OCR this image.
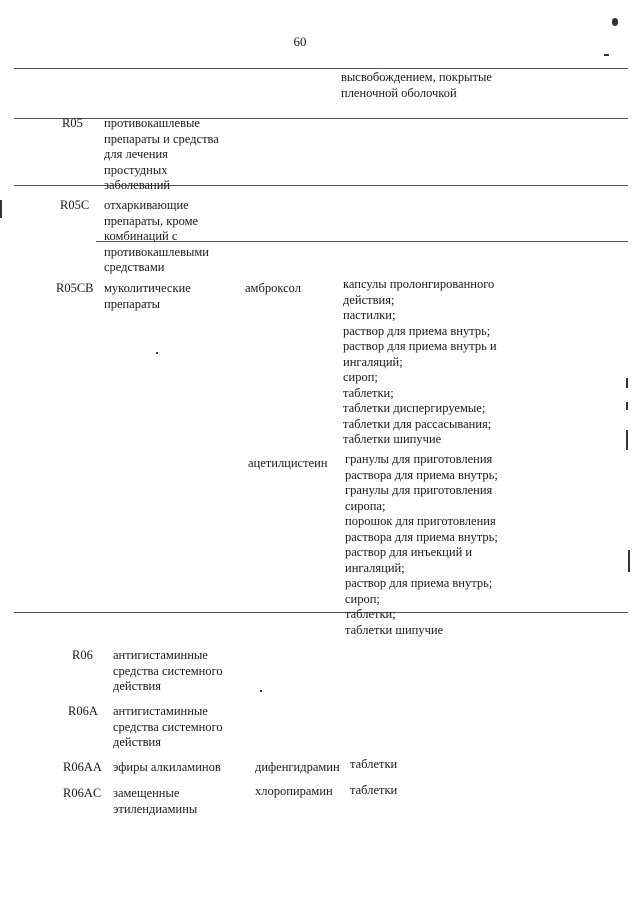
60
высвобождением, покрытые
пленочной оболочкой
R05 противокашлевые
препараты и средства
для лечения
простудных
заболеваний
R05C отхаркивающие
препараты, кроме
комбинаций с
противокашлевыми
средствами
R05CB муколитические
препараты
амброксол	капсулы пролонгированного
действия;
пастилки;
раствор для приема внутрь;
раствор для приема внутрь и
ингаляций;
сироп;
таблетки;
таблетки диспергируемые;
таблетки для рассасывания;
таблетки шипучие
ацетилцистеин гранулы для приготовления
раствора для приема внутрь;
гранулы для приготовления
сиропа;
порошок для приготовления
раствора для приема внутрь;
раствор для инъекций и
ингаляций;
раствор для приема внутрь;
сироп;
таблетки;
таблетки шипучие
R06 антигистаминные
средства системного
действия
R06A антигистаминные
средства системного
действия
R06AA эфиры алкиламинов	дифенгидрамин таблетки
R06AC замещенные
этилендиамины
хлоропирамин таблетки
